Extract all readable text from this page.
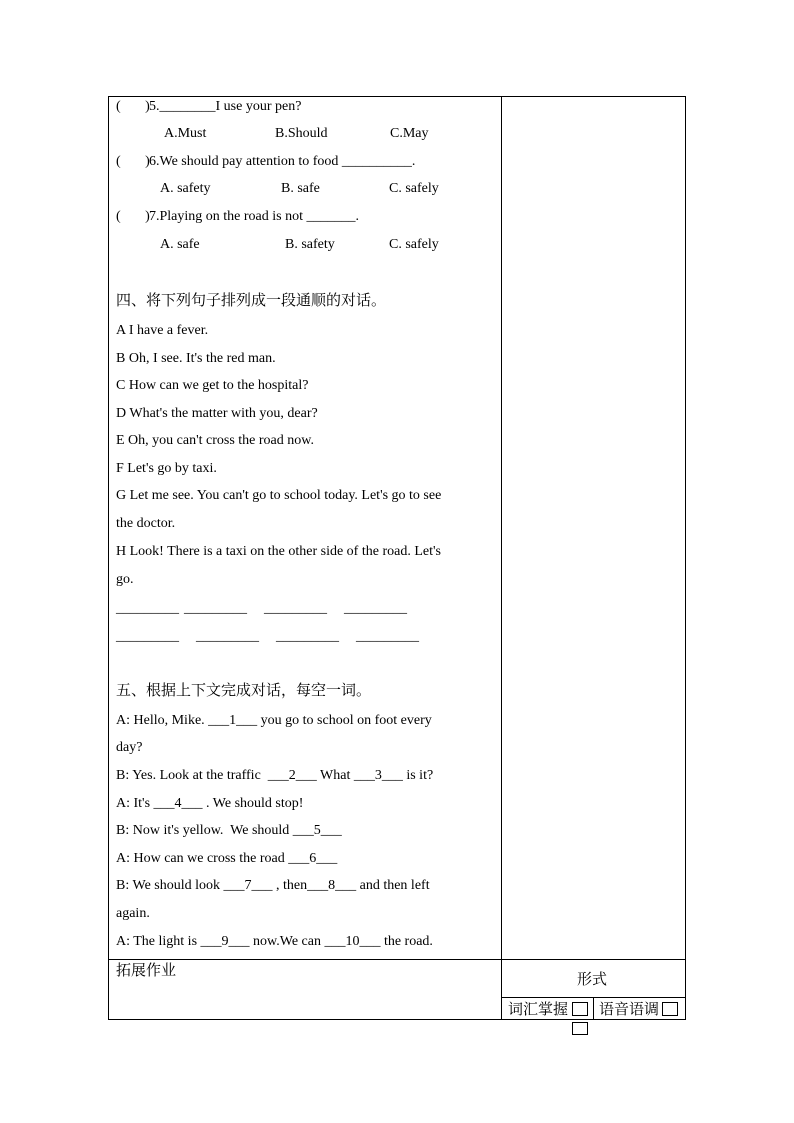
(       ) 5.________I use your pen?
A.Must	B.Should	C.May
(       ) 6.We should pay attention to food __________.
A. safety	B. safe	C. safely
(       ) 7.Playing on the road is not _______.
A. safe	B. safety	C. safely
四、将下列句子排列成一段通顺的对话。
A I have a fever.
B Oh, I see. It's the red man.
C How can we get to the hospital?
D What's the matter with you, dear?
E Oh, you can't cross the road now.
F Let's go by taxi.
G Let me see. You can't go to school today. Let's go to see
the doctor.
H Look! There is a taxi on the other side of the road. Let's
go.
_________ _________ _________ _________
_________ _________ _________ _________
五、根据上下文完成对话，每空一词。
A: Hello, Mike. ___1___ you go to school on foot every
day?
B: Yes. Look at the traffic  ___2___ What ___3___ is it?
A: It's ___4___ . We should stop!
B: Now it's yellow.  We should ___5___
A: How can we cross the road ___6___
B: We should look ___7___ , then___8___ and then left
again.
A: The light is ___9___ now.We can ___10___ the road.
拓展作业	形式
词汇掌握 语音语调
